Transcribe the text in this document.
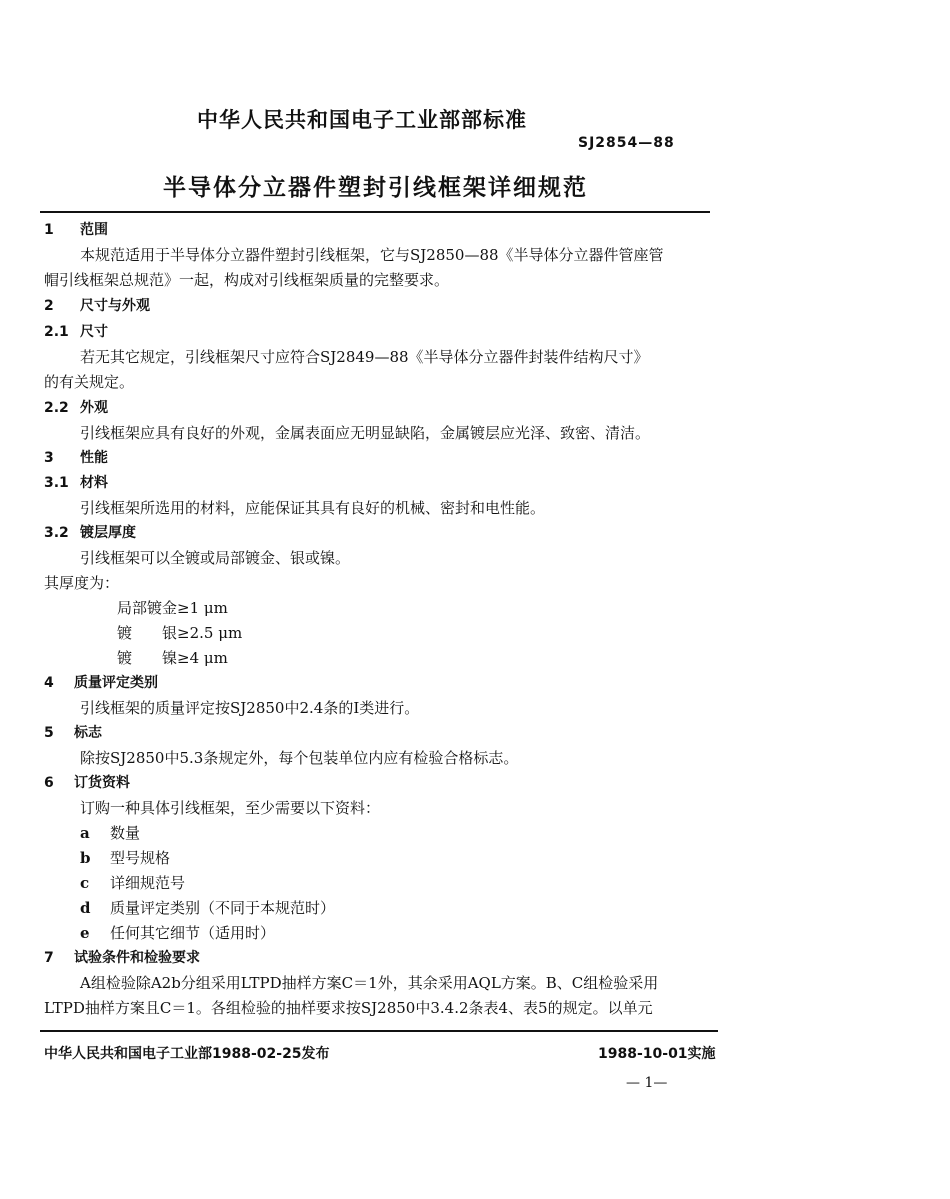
中华人民共和国电子工业部部标准
SJ2854—88
半导体分立器件塑封引线框架详细规范
1 范围
本规范适用于半导体分立器件塑封引线框架，它与SJ2850—88《半导体分立器件管座管
帽引线框架总规范》一起，构成对引线框架质量的完整要求。
2 尺寸与外观
2.1 尺寸
若无其它规定，引线框架尺寸应符合SJ2849—88《半导体分立器件封装件结构尺寸》
的有关规定。
2.2 外观
引线框架应具有良好的外观，金属表面应无明显缺陷，金属镀层应光泽、致密、清洁。
3 性能
3.1 材料
引线框架所选用的材料，应能保证其具有良好的机械、密封和电性能。
3.2 镀层厚度
引线框架可以全镀或局部镀金、银或镍。
其厚度为：
局部镀金≥1 μm
镀　　银≥2.5 μm
镀　　镍≥4 μm
4 质量评定类别
引线框架的质量评定按SJ2850中2.4条的Ⅰ类进行。
5 标志
除按SJ2850中5.3条规定外，每个包装单位内应有检验合格标志。
6 订货资料
订购一种具体引线框架，至少需要以下资料：
a 数量
b 型号规格
c 详细规范号
d 质量评定类别（不同于本规范时）
e 任何其它细节（适用时）
7 试验条件和检验要求
A组检验除A2b分组采用LTPD抽样方案C＝1外，其余采用AQL方案。B、C组检验采用
LTPD抽样方案且C＝1。各组检验的抽样要求按SJ2850中3.4.2条表4、表5的规定。以单元
中华人民共和国电子工业部1988-02-25发布	1988-10-01实施
— 1—
